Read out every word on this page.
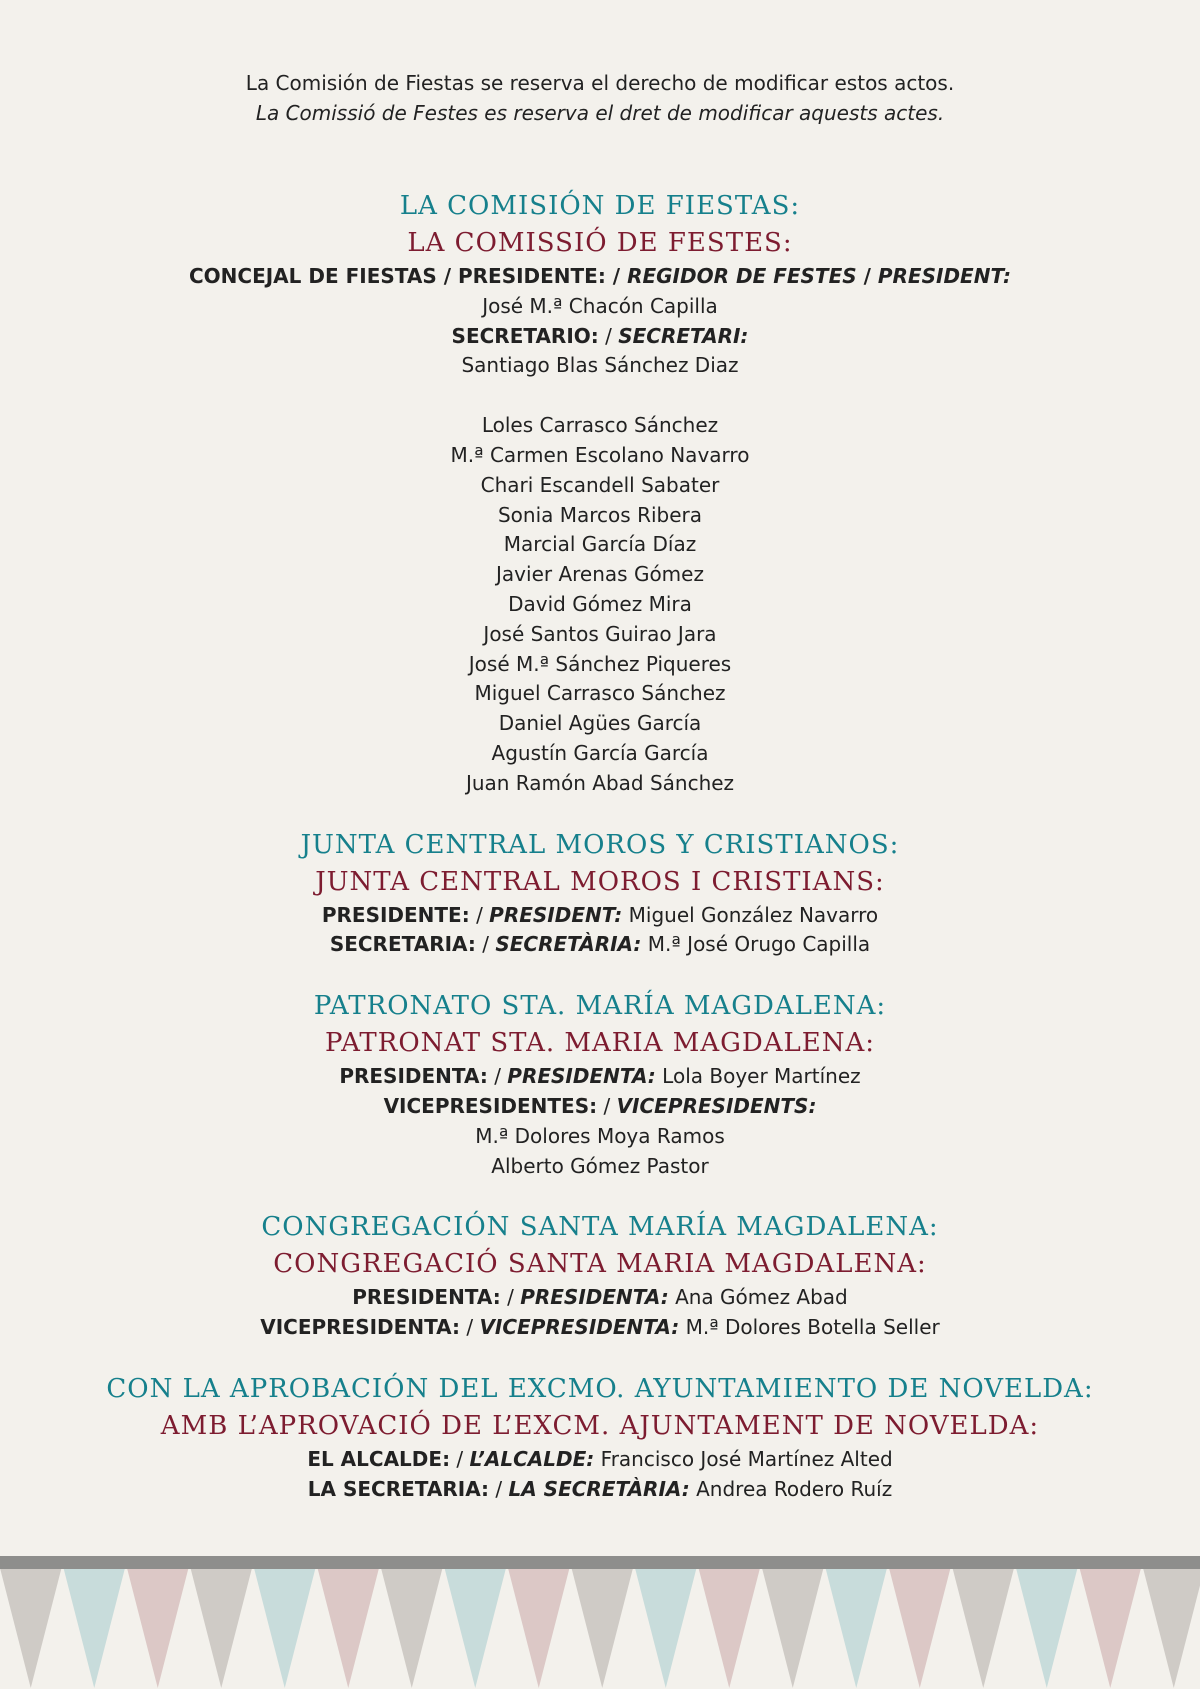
La Comisión de Fiestas se reserva el derecho de modificar estos actos.
La Comissió de Festes es reserva el dret de modificar aquests actes.
LA COMISIÓN DE FIESTAS:
LA COMISSIÓ DE FESTES:
CONCEJAL DE FIESTAS / PRESIDENTE: / REGIDOR DE FESTES / PRESIDENT:
José M.ª Chacón Capilla
SECRETARIO: / SECRETARI:
Santiago Blas Sánchez Diaz
Loles Carrasco Sánchez
M.ª Carmen Escolano Navarro
Chari Escandell Sabater
Sonia Marcos Ribera
Marcial García Díaz
Javier Arenas Gómez
David Gómez Mira
José Santos Guirao Jara
José M.ª Sánchez Piqueres
Miguel Carrasco Sánchez
Daniel Agües García
Agustín García García
Juan Ramón Abad Sánchez
JUNTA CENTRAL MOROS Y CRISTIANOS:
JUNTA CENTRAL MOROS I CRISTIANS:
PRESIDENTE: / PRESIDENT: Miguel González Navarro
SECRETARIA: / SECRETÀRIA: M.ª José Orugo Capilla
PATRONATO STA. MARÍA MAGDALENA:
PATRONAT STA. MARIA MAGDALENA:
PRESIDENTA: / PRESIDENTA: Lola Boyer Martínez
VICEPRESIDENTES: / VICEPRESIDENTS:
M.ª Dolores Moya Ramos
Alberto Gómez Pastor
CONGREGACIÓN SANTA MARÍA MAGDALENA:
CONGREGACIÓ SANTA MARIA MAGDALENA:
PRESIDENTA: / PRESIDENTA: Ana Gómez Abad
VICEPRESIDENTA: / VICEPRESIDENTA: M.ª Dolores Botella Seller
CON LA APROBACIÓN DEL EXCMO. AYUNTAMIENTO DE NOVELDA:
AMB L’APROVACIÓ DE L’EXCM. AJUNTAMENT DE NOVELDA:
EL ALCALDE: / L’ALCALDE: Francisco José Martínez Alted
LA SECRETARIA: / LA SECRETÀRIA: Andrea Rodero Ruíz
